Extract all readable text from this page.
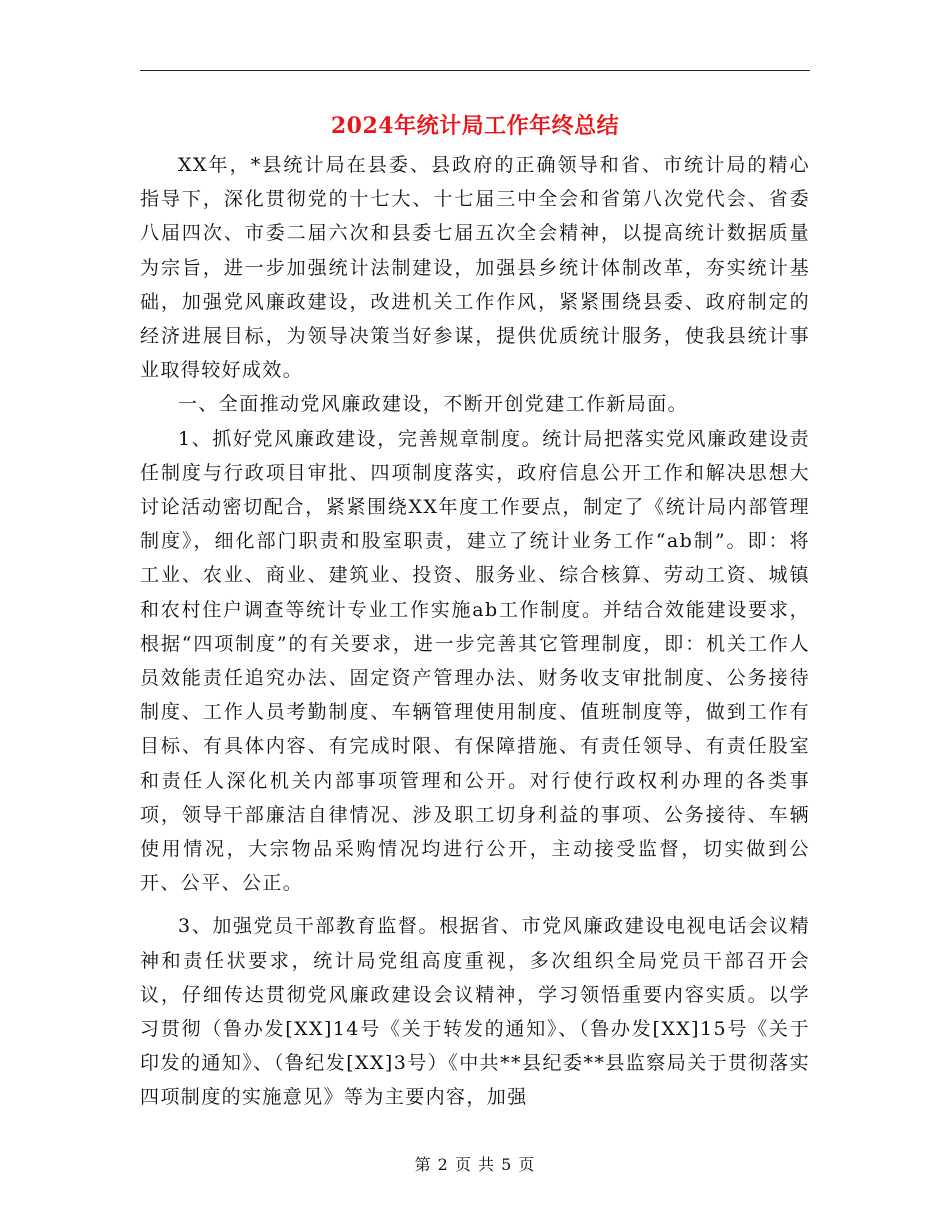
2024年统计局工作年终总结

XX年，*县统计局在县委、县政府的正确领导和省、市统计局的精心指导下，深化贯彻党的十七大、十七届三中全会和省第八次党代会、省委八届四次、市委二届六次和县委七届五次全会精神，以提高统计数据质量为宗旨，进一步加强统计法制建设，加强县乡统计体制改革，夯实统计基础，加强党风廉政建设，改进机关工作作风，紧紧围绕县委、政府制定的经济进展目标，为领导决策当好参谋，提供优质统计服务，使我县统计事业取得较好成效。

一、全面推动党风廉政建设，不断开创党建工作新局面。

1、抓好党风廉政建设，完善规章制度。统计局把落实党风廉政建设责任制度与行政项目审批、四项制度落实，政府信息公开工作和解决思想大讨论活动密切配合，紧紧围绕XX年度工作要点，制定了《统计局内部管理制度》，细化部门职责和股室职责，建立了统计业务工作“ab制”。即：将工业、农业、商业、建筑业、投资、服务业、综合核算、劳动工资、城镇和农村住户调查等统计专业工作实施ab工作制度。并结合效能建设要求，根据“四项制度”的有关要求，进一步完善其它管理制度，即：机关工作人员效能责任追究办法、固定资产管理办法、财务收支审批制度、公务接待制度、工作人员考勤制度、车辆管理使用制度、值班制度等，做到工作有目标、有具体内容、有完成时限、有保障措施、有责任领导、有责任股室和责任人深化机关内部事项管理和公开。对行使行政权利办理的各类事项，领导干部廉洁自律情况、涉及职工切身利益的事项、公务接待、车辆使用情况，大宗物品采购情况均进行公开，主动接受监督，切实做到公开、公平、公正。

3、加强党员干部教育监督。根据省、市党风廉政建设电视电话会议精神和责任状要求，统计局党组高度重视，多次组织全局党员干部召开会议，仔细传达贯彻党风廉政建设会议精神，学习领悟重要内容实质。以学习贯彻（鲁办发[XX]14号《关于转发的通知》、（鲁办发[XX]15号《关于印发的通知》、（鲁纪发[XX]3号）《中共**县纪委**县监察局关于贯彻落实四项制度的实施意见》等为主要内容，加强

第 2 页 共 5 页
